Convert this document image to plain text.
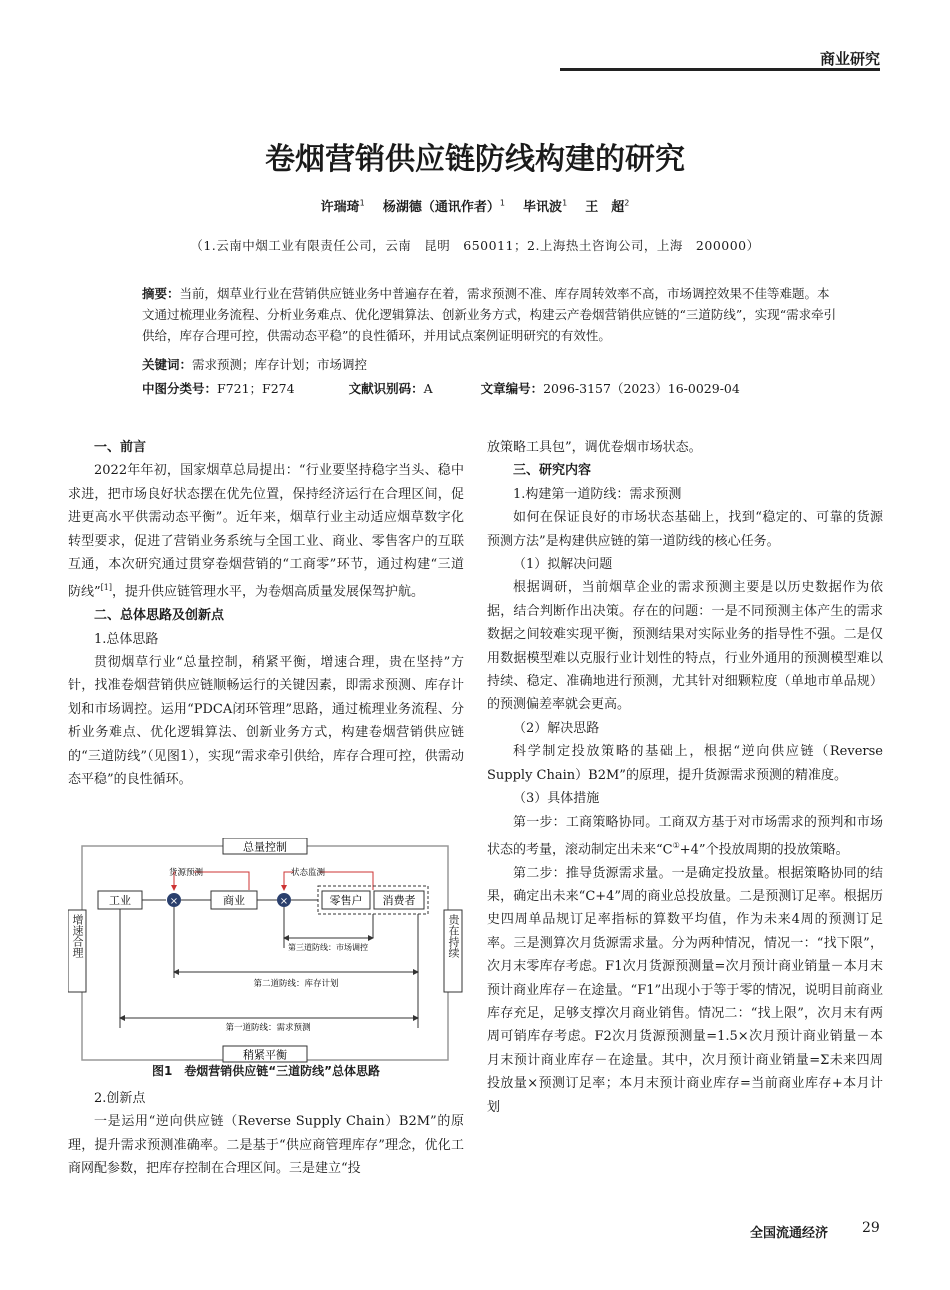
商业研究
卷烟营销供应链防线构建的研究
许瑞琦$^1$ 杨湖德（通讯作者）$^1$ 毕讯波$^1$ 王　超$^2$
（1.云南中烟工业有限责任公司，云南　昆明　650011；2.上海热土咨询公司，上海　200000）
摘要：当前，烟草业行业在营销供应链业务中普遍存在着，需求预测不准、库存周转效率不高，市场调控效果不佳等难题。本文通过梳理业务流程、分析业务难点、优化逻辑算法、创新业务方式，构建云产卷烟营销供应链的“三道防线”，实现“需求牵引供给，库存合理可控，供需动态平稳”的良性循环，并用试点案例证明研究的有效性。
关键词：需求预测；库存计划；市场调控
中图分类号：F721；F274	文献识别码：A	文章编号：2096-3157（2023）16-0029-04

一、前言

2022年年初，国家烟草总局提出：“行业要坚持稳字当头、稳中求进，把市场良好状态摆在优先位置，保持经济运行在合理区间，促进更高水平供需动态平衡”。近年来，烟草行业主动适应烟草数字化转型要求，促进了营销业务系统与全国工业、商业、零售客户的互联互通，本次研究通过贯穿卷烟营销的“工商零”环节，通过构建“三道防线”[1]，提升供应链管理水平，为卷烟高质量发展保驾护航。

二、总体思路及创新点

1.总体思路

贯彻烟草行业“总量控制，稍紧平衡，增速合理，贵在坚持”方针，找准卷烟营销供应链顺畅运行的关键因素，即需求预测、库存计划和市场调控。运用“PDCA闭环管理”思路，通过梳理业务流程、分析业务难点、优化逻辑算法、创新业务方式，构建卷烟营销供应链的“三道防线”（见图1），实现“需求牵引供给，库存合理可控，供需动态平稳”的良性循环。

总量控制
稍紧平衡
增速合理	贵在持续
货源预测	状态监测
工业	×	商业	×	零售户 消费者
第三道防线：市场调控
第二道防线：库存计划
第一道防线：需求预测
图1　卷烟营销供应链“三道防线”总体思路

2.创新点

一是运用“逆向供应链（Reverse Supply Chain）B2M”的原理，提升需求预测准确率。二是基于“供应商管理库存”理念，优化工商网配参数，把库存控制在合理区间。三是建立“投

放策略工具包”，调优卷烟市场状态。

三、研究内容

1.构建第一道防线：需求预测

如何在保证良好的市场状态基础上，找到“稳定的、可靠的货源预测方法”是构建供应链的第一道防线的核心任务。

（1）拟解决问题

根据调研，当前烟草企业的需求预测主要是以历史数据作为依据，结合判断作出决策。存在的问题：一是不同预测主体产生的需求数据之间较难实现平衡，预测结果对实际业务的指导性不强。二是仅用数据模型难以克服行业计划性的特点，行业外通用的预测模型难以持续、稳定、准确地进行预测，尤其针对细颗粒度（单地市单品规）的预测偏差率就会更高。

（2）解决思路

科学制定投放策略的基础上，根据“逆向供应链（Reverse Supply Chain）B2M”的原理，提升货源需求预测的精准度。

（3）具体措施

第一步：工商策略协同。工商双方基于对市场需求的预判和市场状态的考量，滚动制定出未来“C①+4”个投放周期的投放策略。

第二步：推导货源需求量。一是确定投放量。根据策略协同的结果，确定出未来“C+4”周的商业总投放量。二是预测订足率。根据历史四周单品规订足率指标的算数平均值，作为未来4周的预测订足率。三是测算次月货源需求量。分为两种情况，情况一：“找下限”，次月末零库存考虑。F1次月货源预测量=次月预计商业销量－本月末预计商业库存－在途量。“F1”出现小于等于零的情况，说明目前商业库存充足，足够支撑次月商业销售。情况二：“找上限”，次月末有两周可销库存考虑。F2次月货源预测量=1.5×次月预计商业销量－本月末预计商业库存－在途量。其中，次月预计商业销量=Σ未来四周投放量×预测订足率；本月末预计商业库存=当前商业库存+本月计划

全国流通经济 29
